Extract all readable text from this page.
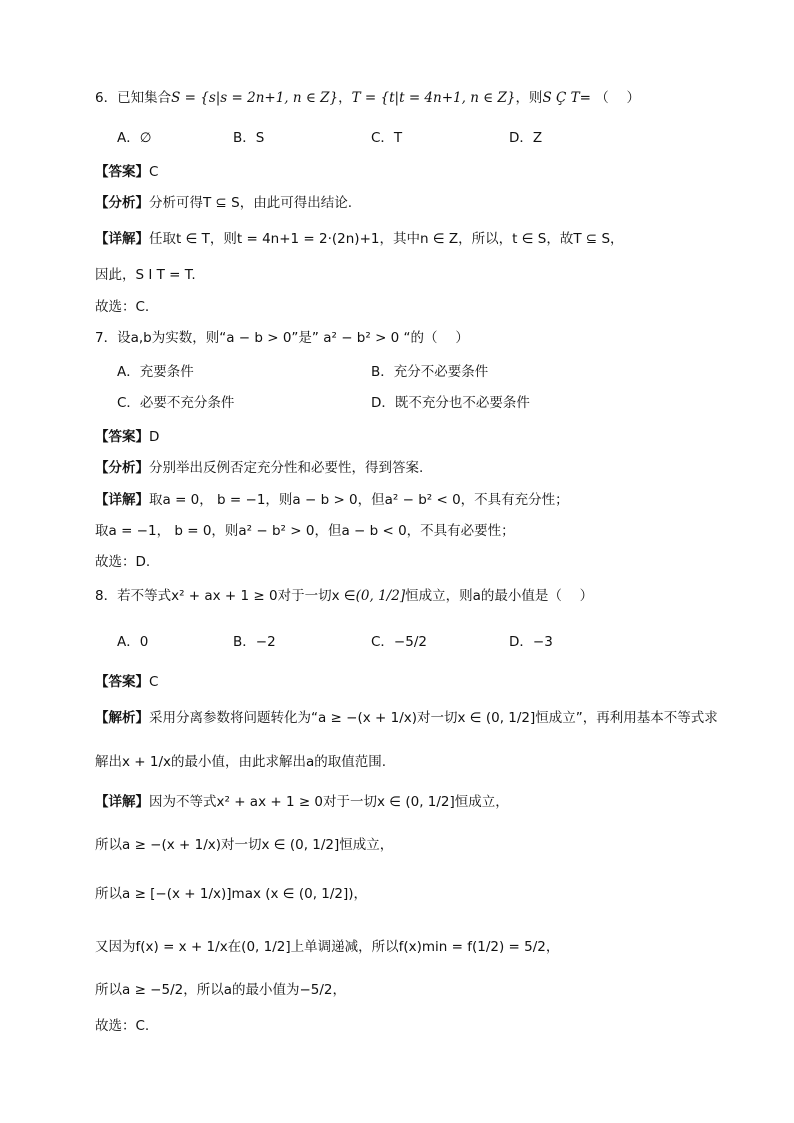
6．已知集合S = {s|s = 2n+1, n ∈ Z}，T = {t|t = 4n+1, n ∈ Z}，则S Ç T= （　 ）
A．∅	B．S	C．T	D．Z
【答案】C
【分析】分析可得T ⊆ S，由此可得出结论.
【详解】任取t ∈ T，则t = 4n+1 = 2·(2n)+1，其中n ∈ Z，所以，t ∈ S，故T ⊆ S，
因此，S I T = T.
故选：C.
7．设a,b为实数，则“a − b > 0”是” a² − b² > 0 “的（　 ）
A．充要条件	B．充分不必要条件
C．必要不充分条件	D．既不充分也不必要条件
【答案】D
【分析】分别举出反例否定充分性和必要性，得到答案.
【详解】取a = 0， b = −1，则a − b > 0，但a² − b² < 0，不具有充分性；
取a = −1， b = 0，则a² − b² > 0，但a − b < 0，不具有必要性；
故选：D.
8．若不等式x² + ax + 1 ≥ 0对于一切x ∈(0, 1/2]恒成立，则a的最小值是（　 ）
A．0	B．−2	C．−5/2	D．−3
【答案】C
【解析】采用分离参数将问题转化为“a ≥ −(x + 1/x)对一切x ∈ (0, 1/2]恒成立”，再利用基本不等式求
解出x + 1/x的最小值，由此求解出a的取值范围.
【详解】因为不等式x² + ax + 1 ≥ 0对于一切x ∈ (0, 1/2]恒成立，
所以a ≥ −(x + 1/x)对一切x ∈ (0, 1/2]恒成立，
所以a ≥ [−(x + 1/x)]max (x ∈ (0, 1/2])，
又因为f(x) = x + 1/x在(0, 1/2]上单调递减，所以f(x)min = f(1/2) = 5/2，
所以a ≥ −5/2，所以a的最小值为−5/2，
故选：C.
